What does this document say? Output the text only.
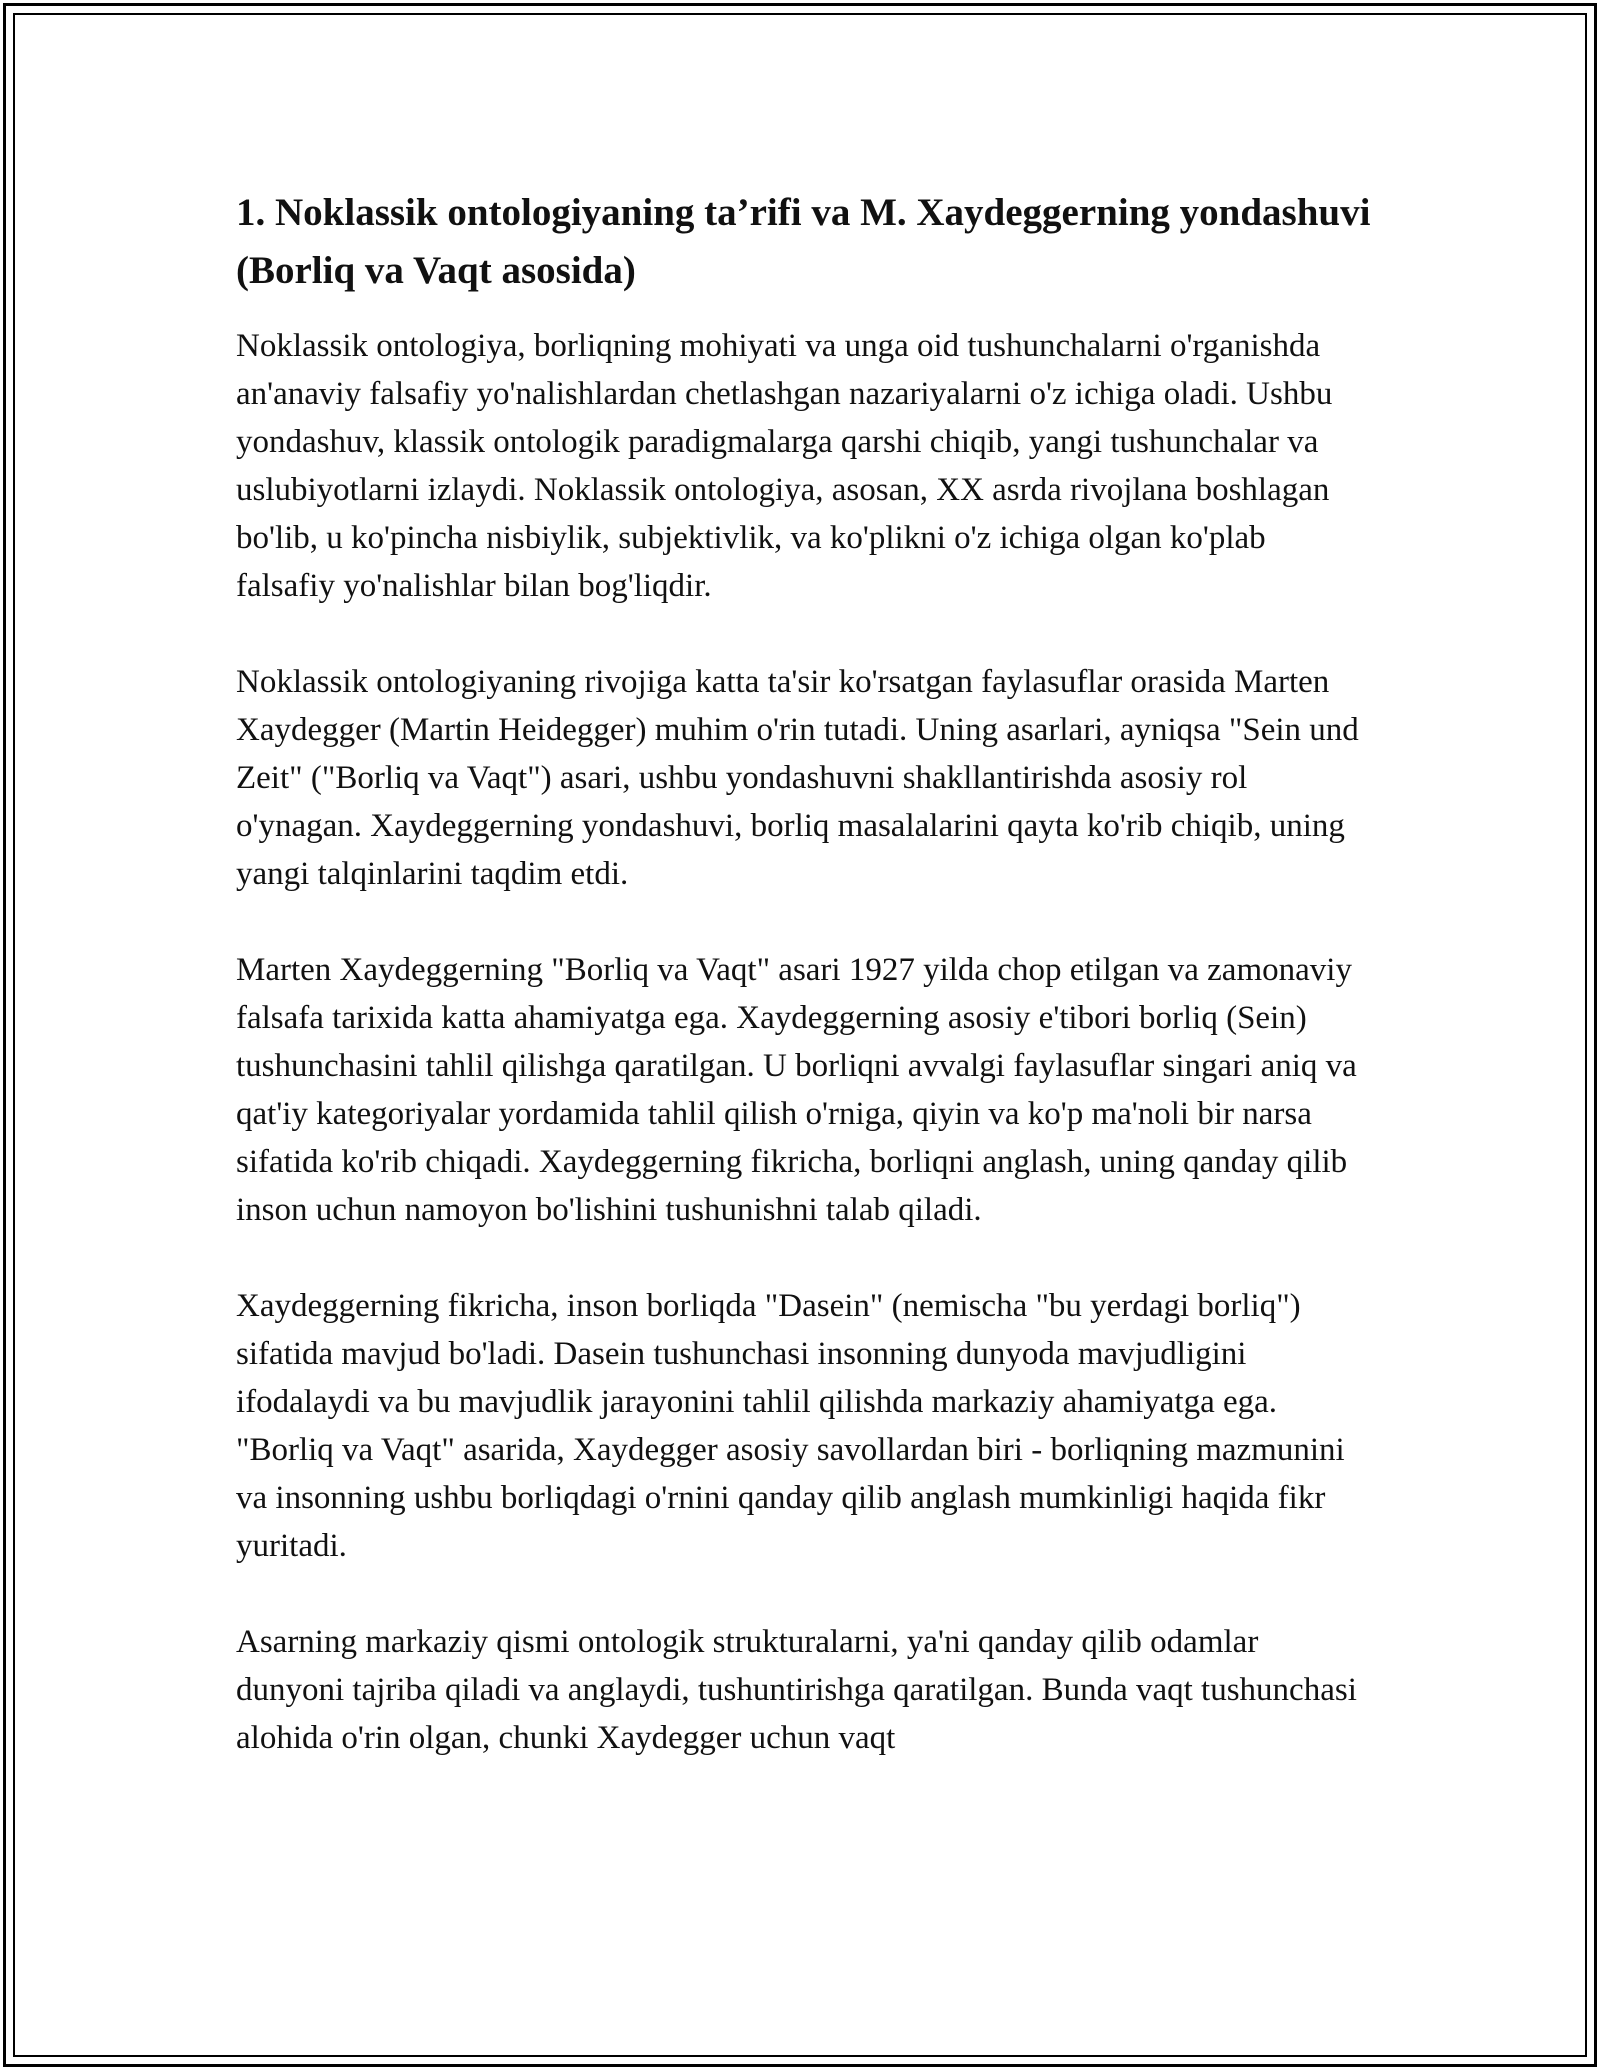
1. Noklassik ontologiyaning ta’rifi va M. Xaydeggerning yondashuvi (Borliq va Vaqt asosida)

Noklassik ontologiya, borliqning mohiyati va unga oid tushunchalarni o'rganishda an'anaviy falsafiy yo'nalishlardan chetlashgan nazariyalarni o'z ichiga oladi. Ushbu yondashuv, klassik ontologik paradigmalarga qarshi chiqib, yangi tushunchalar va uslubiyotlarni izlaydi. Noklassik ontologiya, asosan, XX asrda rivojlana boshlagan bo'lib, u ko'pincha nisbiylik, subjektivlik, va ko'plikni o'z ichiga olgan ko'plab falsafiy yo'nalishlar bilan bog'liqdir.

Noklassik ontologiyaning rivojiga katta ta'sir ko'rsatgan faylasuflar orasida Marten Xaydegger (Martin Heidegger) muhim o'rin tutadi. Uning asarlari, ayniqsa "Sein und Zeit" ("Borliq va Vaqt") asari, ushbu yondashuvni shakllantirishda asosiy rol o'ynagan. Xaydeggerning yondashuvi, borliq masalalarini qayta ko'rib chiqib, uning yangi talqinlarini taqdim etdi.

Marten Xaydeggerning "Borliq va Vaqt" asari 1927 yilda chop etilgan va zamonaviy falsafa tarixida katta ahamiyatga ega. Xaydeggerning asosiy e'tibori borliq (Sein) tushunchasini tahlil qilishga qaratilgan. U borliqni avvalgi faylasuflar singari aniq va qat'iy kategoriyalar yordamida tahlil qilish o'rniga, qiyin va ko'p ma'noli bir narsa sifatida ko'rib chiqadi. Xaydeggerning fikricha, borliqni anglash, uning qanday qilib inson uchun namoyon bo'lishini tushunishni talab qiladi.

Xaydeggerning fikricha, inson borliqda "Dasein" (nemischa "bu yerdagi borliq") sifatida mavjud bo'ladi. Dasein tushunchasi insonning dunyoda mavjudligini ifodalaydi va bu mavjudlik jarayonini tahlil qilishda markaziy ahamiyatga ega. "Borliq va Vaqt" asarida, Xaydegger asosiy savollardan biri - borliqning mazmunini va insonning ushbu borliqdagi o'rnini qanday qilib anglash mumkinligi haqida fikr yuritadi.

Asarning markaziy qismi ontologik strukturalarni, ya'ni qanday qilib odamlar dunyoni tajriba qiladi va anglaydi, tushuntirishga qaratilgan. Bunda vaqt tushunchasi alohida o'rin olgan, chunki Xaydegger uchun vaqt
